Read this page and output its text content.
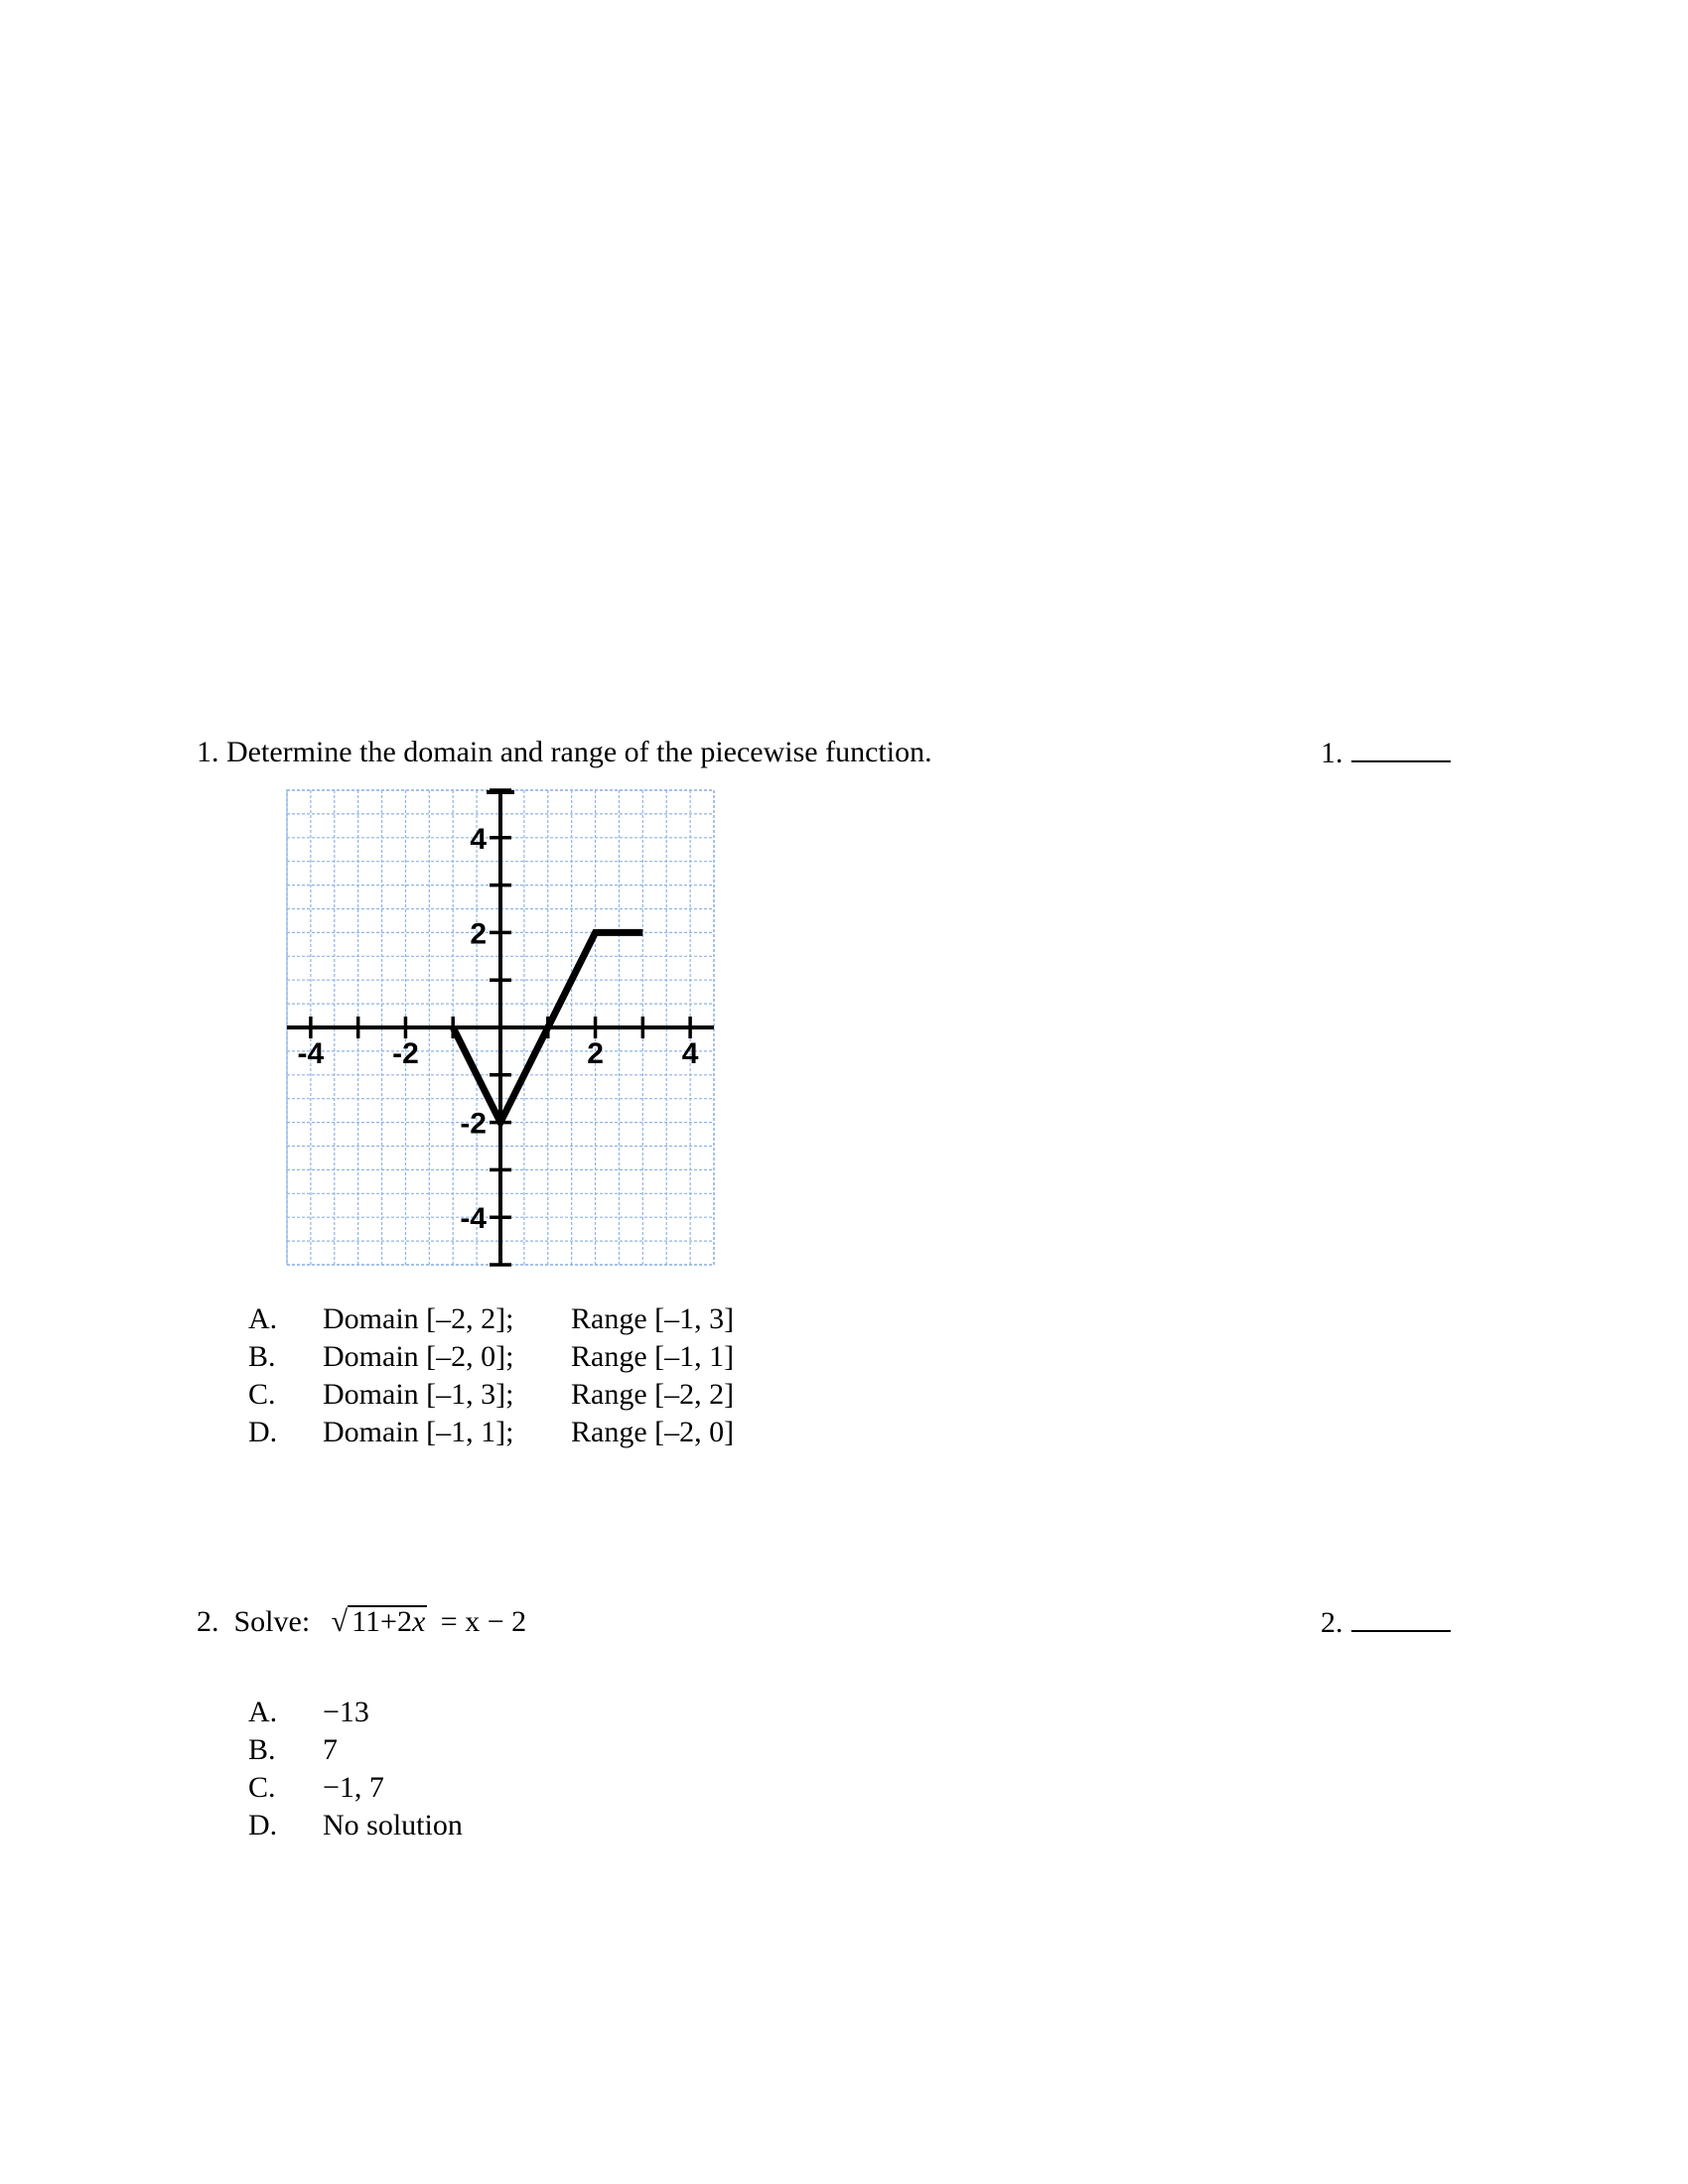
1. Determine the domain and range of the piecewise function.	1.
-4 -2	2	4
4
2
-2
-4
A. Domain [–2, 2]; Range [–1, 3]
B. Domain [–2, 0]; Range [–1, 1]
C. Domain [–1, 3]; Range [–2, 2]
D. Domain [–1, 1]; Range [–2, 0]
2.  Solve: √ 11+2x = x − 2	2.
A. −13
B. 7
C. −1, 7
D. No solution
